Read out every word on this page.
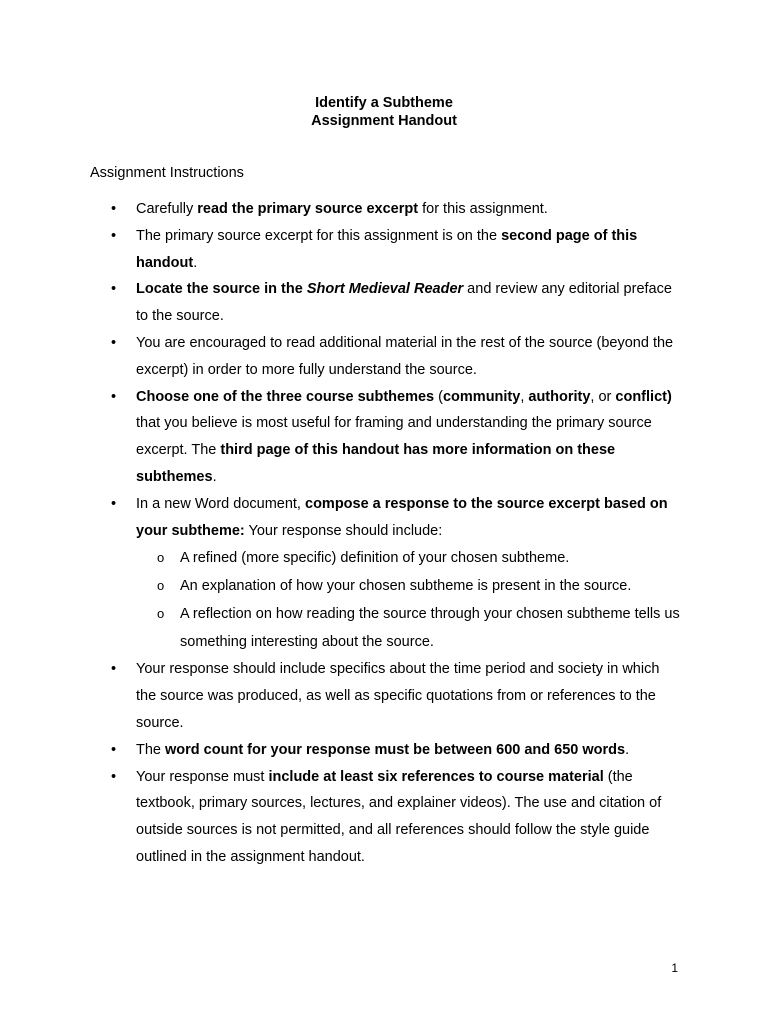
Identify a Subtheme
Assignment Handout
Assignment Instructions
• Carefully read the primary source excerpt for this assignment.
• The primary source excerpt for this assignment is on the second page of this handout.
• Locate the source in the Short Medieval Reader and review any editorial preface to the source.
• You are encouraged to read additional material in the rest of the source (beyond the excerpt) in order to more fully understand the source.
• Choose one of the three course subthemes (community, authority, or conflict) that you believe is most useful for framing and understanding the primary source excerpt. The third page of this handout has more information on these subthemes.
• In a new Word document, compose a response to the source excerpt based on your subtheme: Your response should include:
o A refined (more specific) definition of your chosen subtheme.
o An explanation of how your chosen subtheme is present in the source.
o A reflection on how reading the source through your chosen subtheme tells us something interesting about the source.
• Your response should include specifics about the time period and society in which the source was produced, as well as specific quotations from or references to the source.
• The word count for your response must be between 600 and 650 words.
• Your response must include at least six references to course material (the textbook, primary sources, lectures, and explainer videos). The use and citation of outside sources is not permitted, and all references should follow the style guide outlined in the assignment handout.
1
